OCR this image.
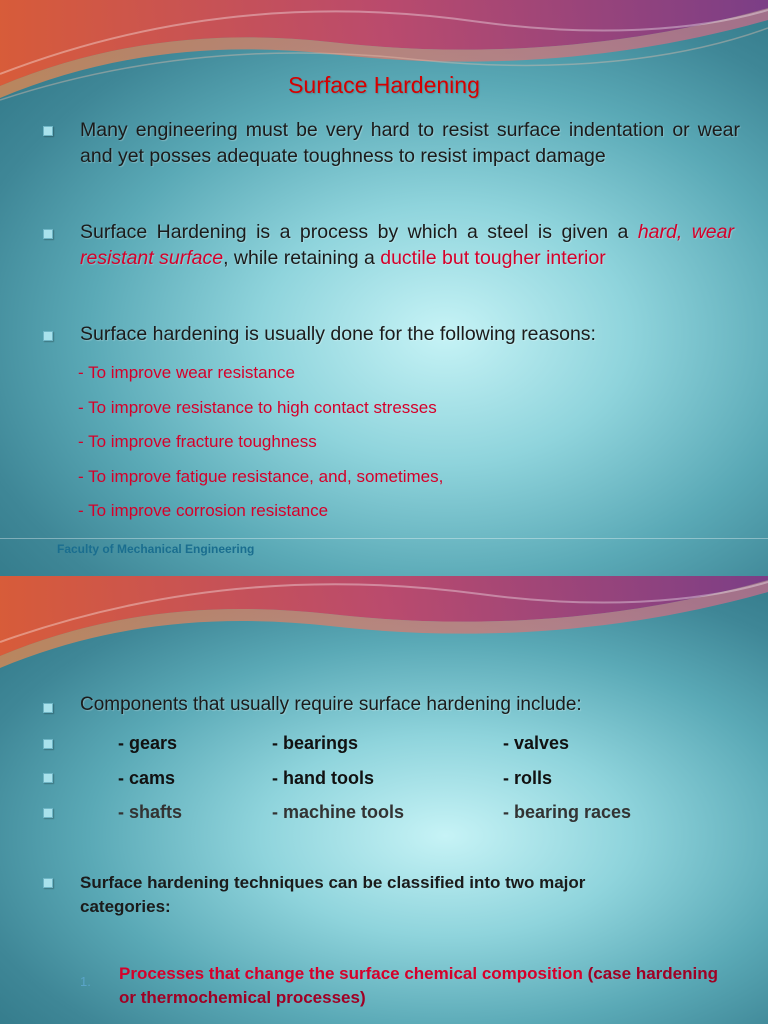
Surface Hardening
Many engineering must be very hard to resist surface indentation or wear and yet posses adequate toughness to resist impact damage
Surface Hardening is a process by which a steel is given a hard, wear resistant surface, while retaining a ductile but tougher interior
Surface hardening is usually done for the following reasons:
- To improve wear resistance
- To improve resistance to high contact stresses
- To improve fracture toughness
- To improve fatigue resistance, and, sometimes,
- To improve corrosion resistance
Faculty of Mechanical Engineering
Components that usually require surface hardening include:
- gears	- bearings	- valves
- cams	- hand tools	- rolls
- shafts	- machine tools	- bearing races
Surface hardening techniques can be classified into two major categories:
1. Processes that change the surface chemical composition (case hardening or thermochemical processes)
